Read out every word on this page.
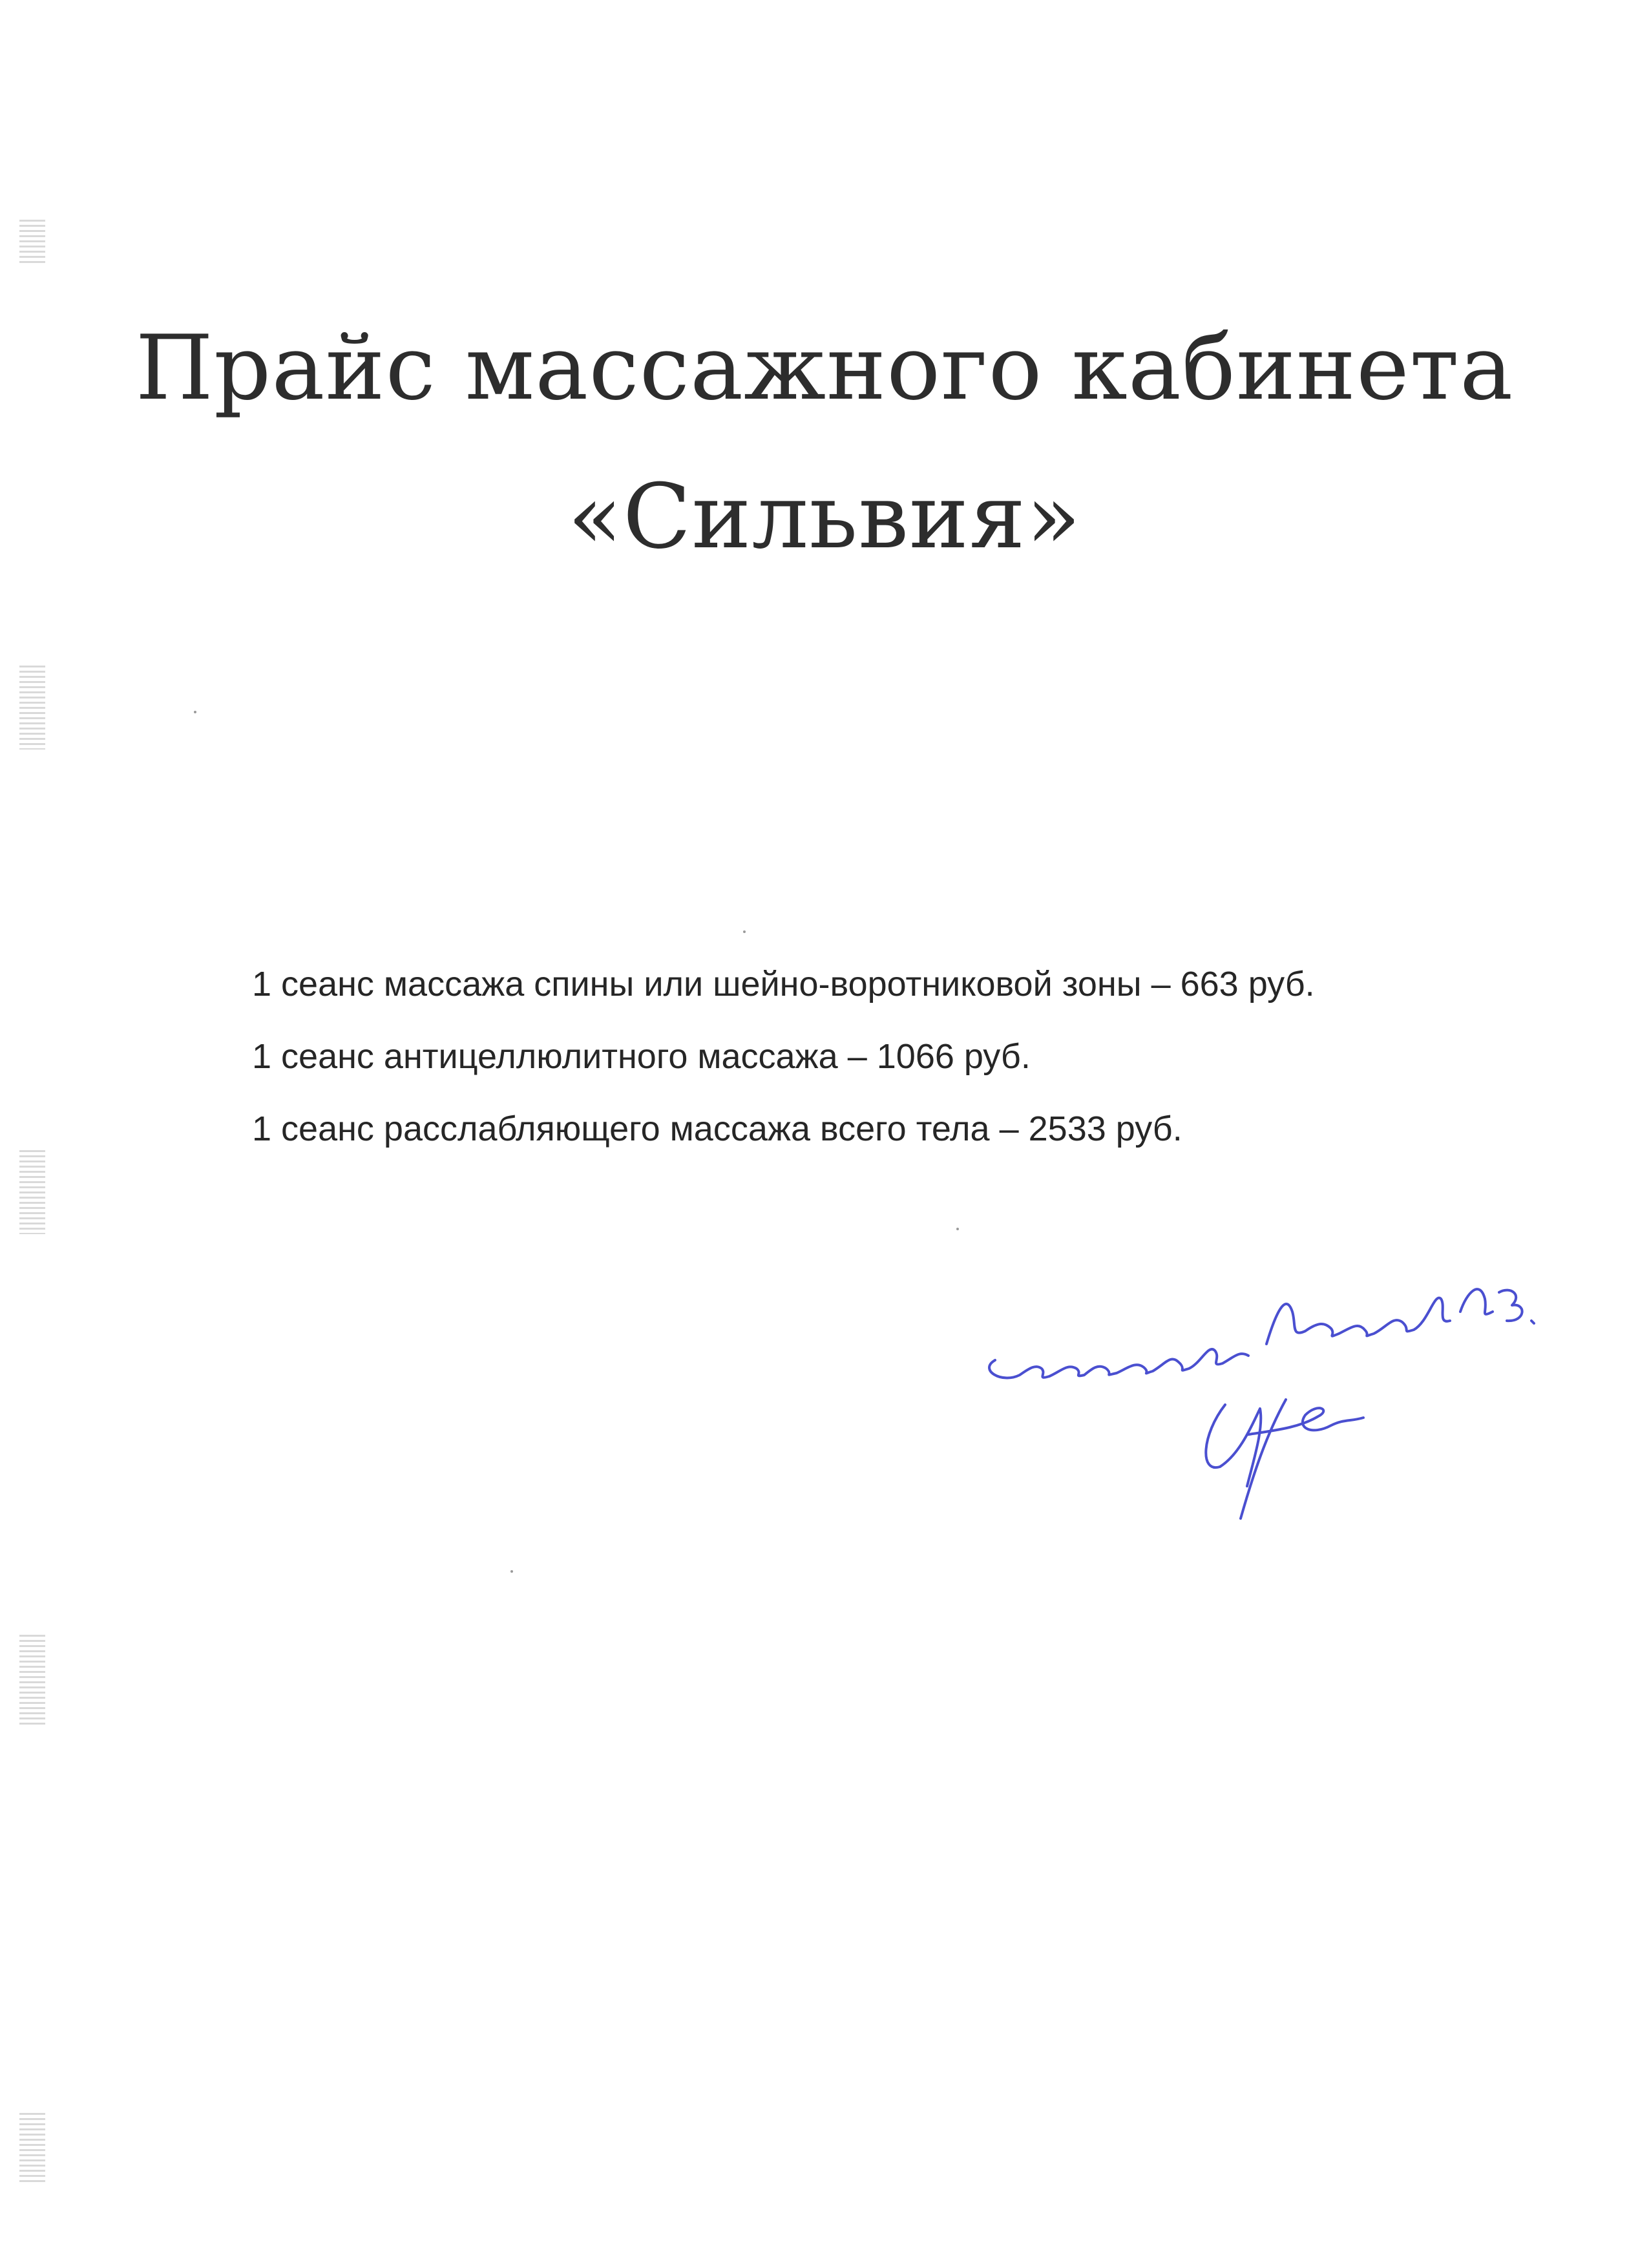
Прайс массажного кабинета
«Сильвия»
1 сеанс массажа спины или шейно-воротниковой зоны – 663 руб.
1 сеанс антицеллюлитного массажа – 1066 руб.
1 сеанс расслабляющего массажа всего тела – 2533 руб.
